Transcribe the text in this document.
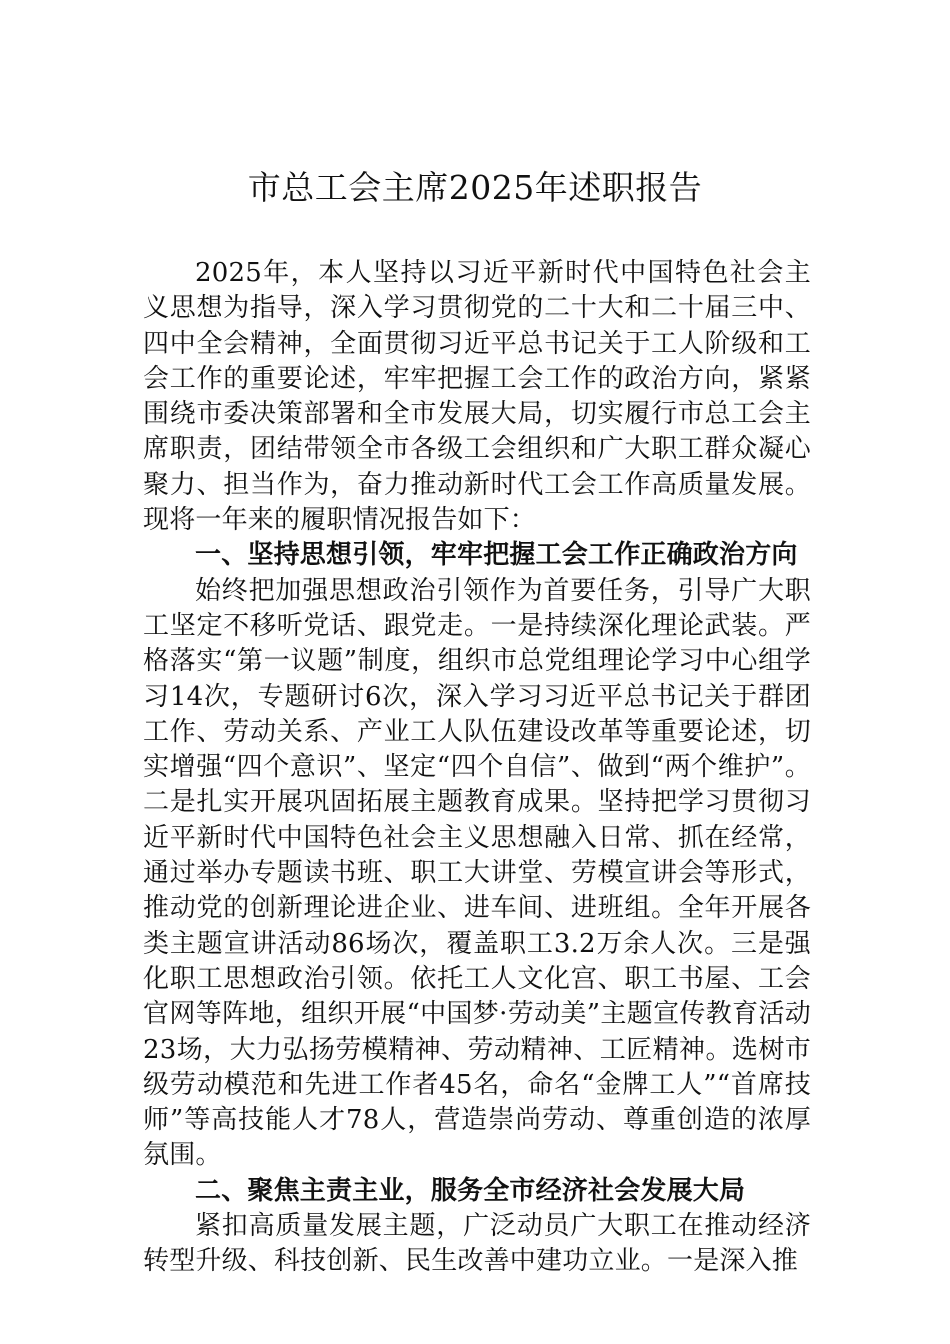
市总工会主席2025年述职报告

2025年，本人坚持以习近平新时代中国特色社会主义思想为指导，深入学习贯彻党的二十大和二十届三中、四中全会精神，全面贯彻习近平总书记关于工人阶级和工会工作的重要论述，牢牢把握工会工作的政治方向，紧紧围绕市委决策部署和全市发展大局，切实履行市总工会主席职责，团结带领全市各级工会组织和广大职工群众凝心聚力、担当作为，奋力推动新时代工会工作高质量发展。现将一年来的履职情况报告如下：

一、坚持思想引领，牢牢把握工会工作正确政治方向

始终把加强思想政治引领作为首要任务，引导广大职工坚定不移听党话、跟党走。一是持续深化理论武装。严格落实“第一议题”制度，组织市总党组理论学习中心组学习14次，专题研讨6次，深入学习习近平总书记关于群团工作、劳动关系、产业工人队伍建设改革等重要论述，切实增强“四个意识”、坚定“四个自信”、做到“两个维护”。二是扎实开展巩固拓展主题教育成果。坚持把学习贯彻习近平新时代中国特色社会主义思想融入日常、抓在经常，通过举办专题读书班、职工大讲堂、劳模宣讲会等形式，推动党的创新理论进企业、进车间、进班组。全年开展各类主题宣讲活动86场次，覆盖职工3.2万余人次。三是强化职工思想政治引领。依托工人文化宫、职工书屋、工会官网等阵地，组织开展“中国梦·劳动美”主题宣传教育活动23场，大力弘扬劳模精神、劳动精神、工匠精神。选树市级劳动模范和先进工作者45名，命名“金牌工人”“首席技师”等高技能人才78人，营造崇尚劳动、尊重创造的浓厚氛围。

二、聚焦主责主业，服务全市经济社会发展大局

紧扣高质量发展主题，广泛动员广大职工在推动经济转型升级、科技创新、民生改善中建功立业。一是深入推
